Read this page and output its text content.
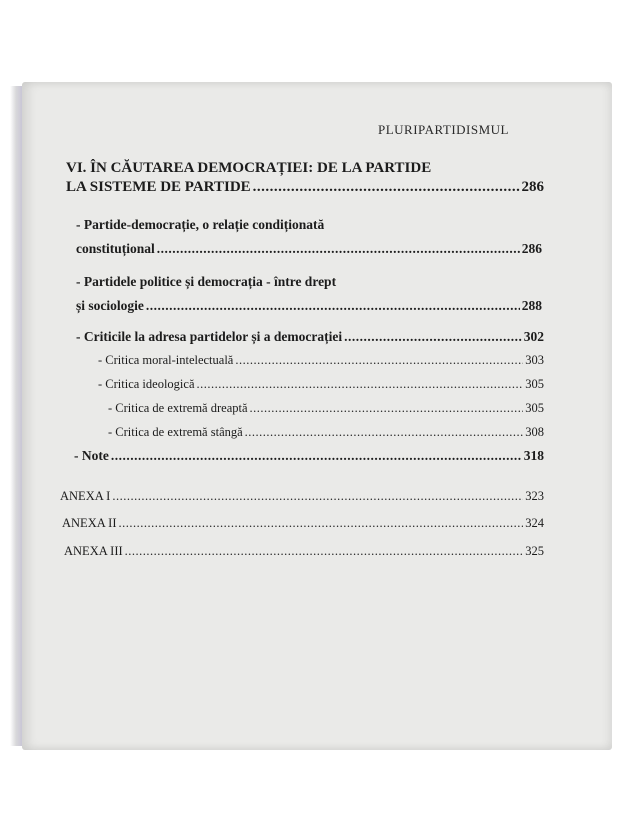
PLURIPARTIDISMUL
VI. ÎN CĂUTAREA DEMOCRAȚIEI: DE LA PARTIDE
LA SISTEME DE PARTIDE .....	286
- Partide-democrație, o relație condiționată
constituțional .....	286
- Partidele politice și democrația - între drept
și sociologie .....	288
- Criticile la adresa partidelor și a democrației .....	302
- Critica moral-intelectuală .....	303
- Critica ideologică .....	305
- Critica de extremă dreaptă .....	305
- Critica de extremă stângă .....	308
- Note .....	318
ANEXA I .....	323
ANEXA II .....	324
ANEXA III .....	325
